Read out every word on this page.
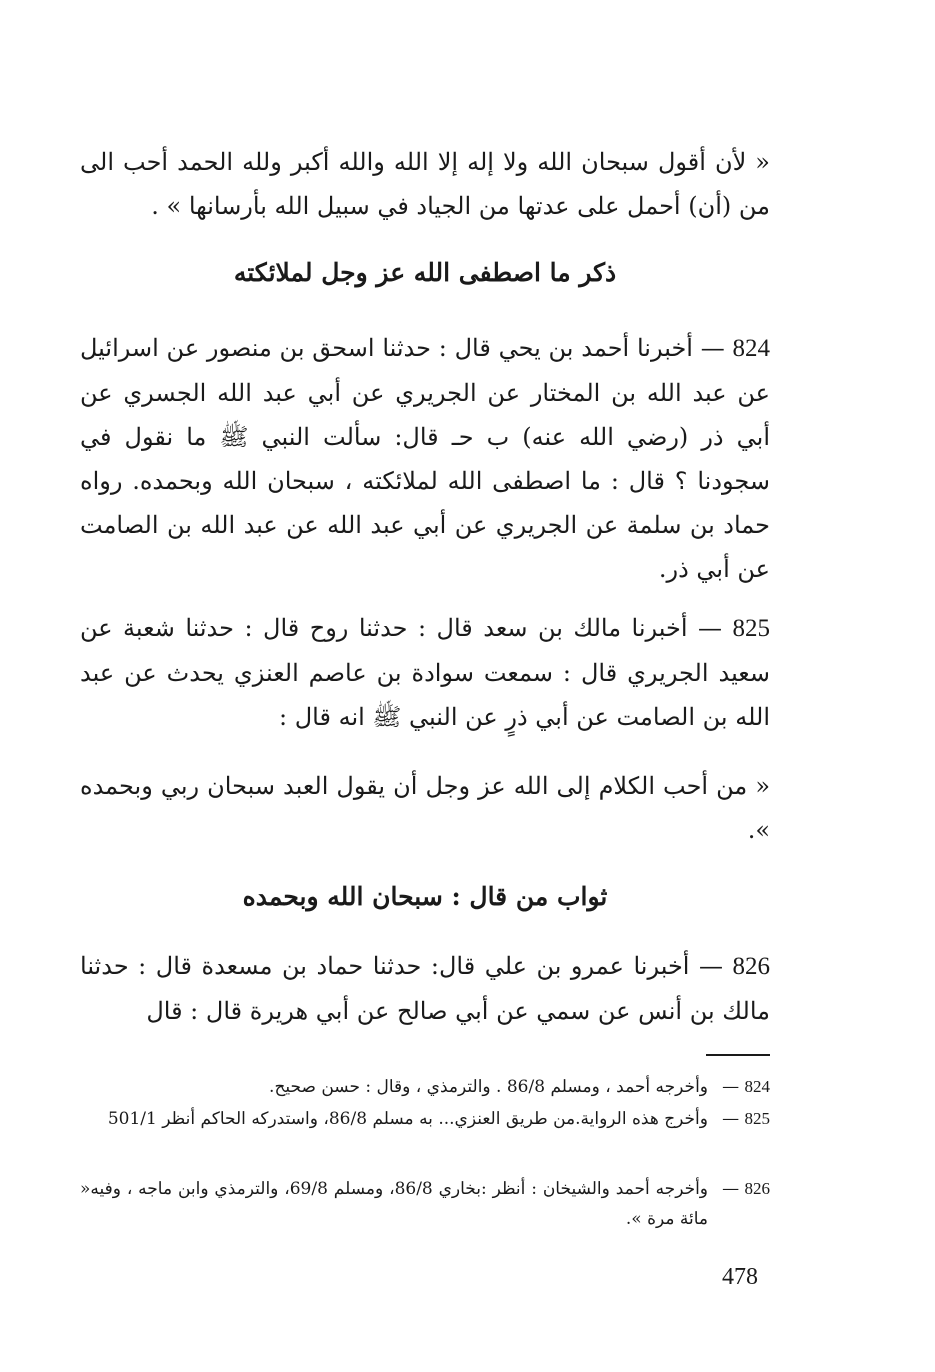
« لأن أقول سبحان الله ولا إله إلا الله والله أكبر ولله الحمد أحب الى من (أن) أحمل على عدتها من الجياد في سبيل الله بأرسانها » .

ذكر ما اصطفى الله عز وجل لملائكته

824 — أخبرنا أحمد بن يحي قال : حدثنا اسحق بن منصور عن اسرائيل عن عبد الله بن المختار عن الجريري عن أبي عبد الله الجسري عن أبي ذر (رضي الله عنه) ب حـ قال: سألت النبي ﷺ ما نقول في سجودنا ؟ قال : ما اصطفى الله لملائكته ، سبحان الله وبحمده. رواه حماد بن سلمة عن الجريري عن أبي عبد الله عن عبد الله بن الصامت عن أبي ذر.

825 — أخبرنا مالك بن سعد قال : حدثنا روح قال : حدثنا شعبة عن سعيد الجريري قال : سمعت سوادة بن عاصم العنزي يحدث عن عبد الله بن الصامت عن أبي ذرٍ عن النبي ﷺ انه قال :

« من أحب الكلام إلى الله عز وجل أن يقول العبد سبحان ربي وبحمده ».

ثواب من قال : سبحان الله وبحمده

826 — أخبرنا عمرو بن علي قال: حدثنا حماد بن مسعدة قال : حدثنا مالك بن أنس عن سمي عن أبي صالح عن أبي هريرة قال : قال

824 —
وأخرجه أحمد ، ومسلم 86/8 . والترمذي ، وقال : حسن صحيح.
825 —
وأخرج هذه الرواية.من طريق العنزي... به مسلم 86/8، واستدركه الحاكم أنظر 501/1
826 —
وأخرجه أحمد والشيخان : أنظر :بخاري 86/8، ومسلم 69/8، والترمذي وابن ماجه ، وفيه« مائة مرة ».
478
